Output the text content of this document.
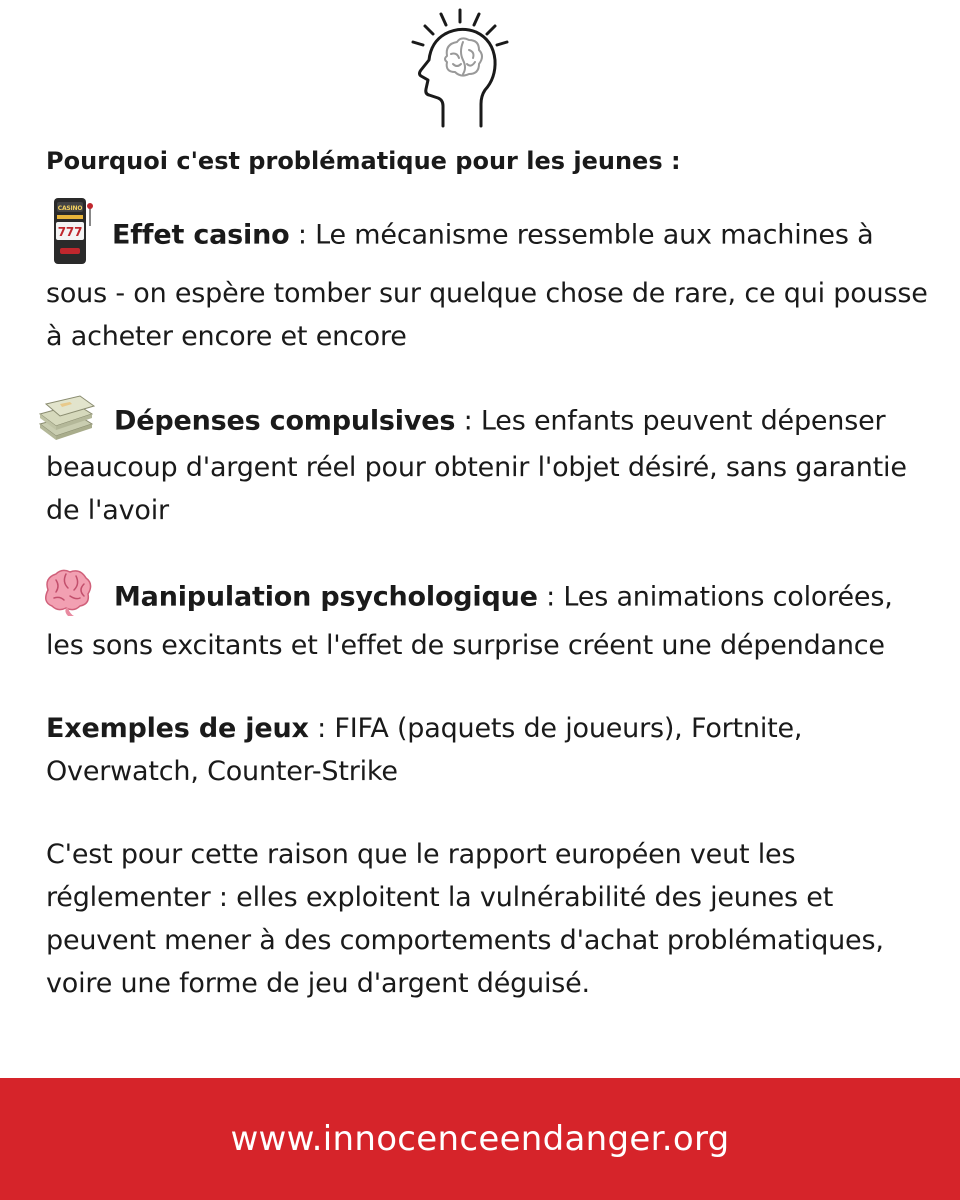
Pourquoi c'est problématique pour les jeunes :

CASINO
777 Effet casino : Le mécanisme ressemble aux machines à sous - on espère tomber sur quelque chose de rare, ce qui pousse à acheter encore et encore

Dépenses compulsives : Les enfants peuvent dépenser beaucoup d'argent réel pour obtenir l'objet désiré, sans garantie de l'avoir

Manipulation psychologique : Les animations colorées, les sons excitants et l'effet de surprise créent une dépendance

Exemples de jeux : FIFA (paquets de joueurs), Fortnite, Overwatch, Counter-Strike

C'est pour cette raison que le rapport européen veut les réglementer : elles exploitent la vulnérabilité des jeunes et peuvent mener à des comportements d'achat problématiques, voire une forme de jeu d'argent déguisé.

www.innocenceendanger.org
